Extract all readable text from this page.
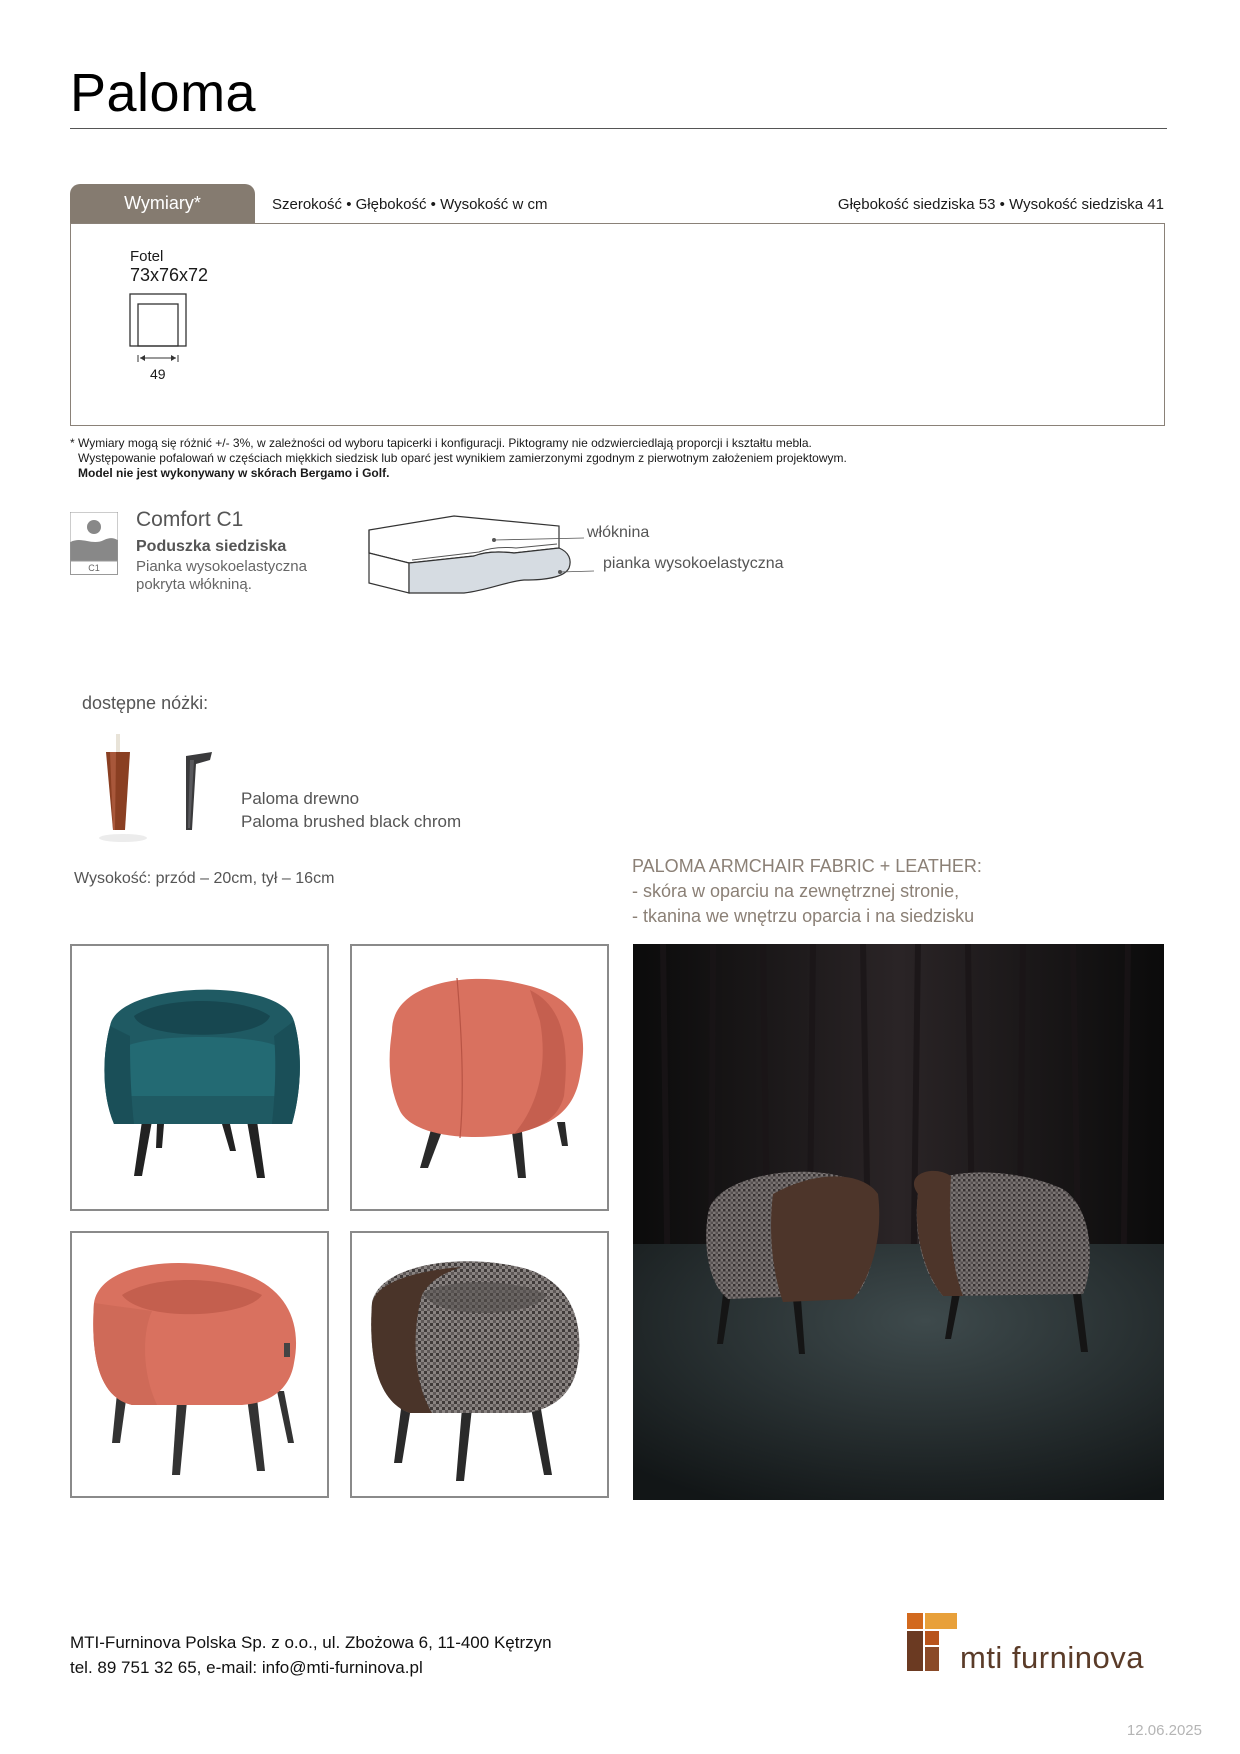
Paloma
Wymiary*	Szerokość • Głębokość • Wysokość w cm	Głębokość siedziska 53 • Wysokość siedziska 41
Fotel
73x76x72
49
* Wymiary mogą się różnić +/- 3%, w zależności od wyboru tapicerki i konfiguracji. Piktogramy nie odzwierciedlają proporcji i kształtu mebla.
Występowanie pofalowań w częściach miękkich siedzisk lub oparć jest wynikiem zamierzonymi zgodnym z pierwotnym założeniem projektowym.
Model nie jest wykonywany w skórach Bergamo i Golf.
C1
Comfort C1
Poduszka siedziska
Pianka wysokoelastyczna
pokryta włókniną.
włóknina
pianka wysokoelastyczna
dostępne nóżki:
Paloma drewno
Paloma brushed black chrom
Wysokość: przód – 20cm, tył – 16cm
PALOMA ARMCHAIR FABRIC + LEATHER:
- skóra w oparciu na zewnętrznej stronie,
- tkanina we wnętrzu oparcia i na siedzisku
MTI-Furninova Polska Sp. z o.o., ul. Zbożowa 6, 11-400 Kętrzyn
tel. 89 751 32 65, e-mail: info@mti-furninova.pl	mti furninova
12.06.2025
